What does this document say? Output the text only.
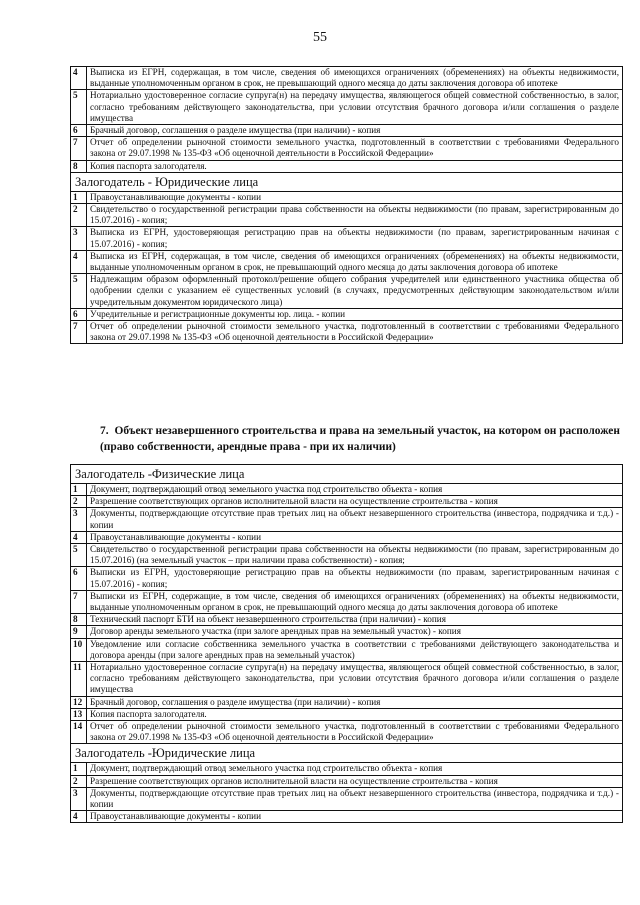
55
4	Выписка из ЕГРН, содержащая, в том числе, сведения об имеющихся ограничениях (обременениях) на объекты недвижимости, выданные уполномоченным органом в срок, не превышающий одного месяца до даты заключения договора об ипотеке
5	Нотариально удостоверенное согласие супруга(н) на передачу имущества, являющегося общей совместной собственностью, в залог, согласно требованиям действующего законодательства, при условии отсутствия брачного договора и/или соглашения о разделе имущества
6	Брачный договор, соглашения о разделе имущества (при наличии) - копия
7	Отчет об определении рыночной стоимости земельного участка, подготовленный в соответствии с требованиями Федерального закона от 29.07.1998 № 135-ФЗ «Об оценочной деятельности в Российской Федерации»
8	Копия паспорта залогодателя.
Залогодатель - Юридические лица	
1	Правоустанавливающие документы - копии
2	Свидетельство о государственной регистрации права собственности на объекты недвижимости (по правам, зарегистрированным до 15.07.2016) - копия;
3	Выписка из ЕГРН, удостоверяющая регистрацию прав на объекты недвижимости (по правам, зарегистрированным начиная с 15.07.2016) - копия;
4	Выписка из ЕГРН, содержащая, в том числе, сведения об имеющихся ограничениях (обременениях) на объекты недвижимости, выданные уполномоченным органом в срок, не превышающий одного месяца до даты заключения договора об ипотеке
5	Надлежащим образом оформленный протокол/решение общего собрания учредителей или единственного участника общества об одобрении сделки с указанием её существенных условий (в случаях, предусмотренных действующим законодательством и/или учредительным документом юридического лица)
6	Учредительные и регистрационные документы юр. лица. - копии
7	Отчет об определении рыночной стоимости земельного участка, подготовленный в соответствии с требованиями Федерального закона от 29.07.1998 № 135-ФЗ «Об оценочной деятельности в Российской Федерации»
7. Объект незавершенного строительства и права на земельный участок, на котором он расположен (право собственности, арендные права - при их наличии)
Залогодатель -Физические лица	
1	Документ, подтверждающий отвод земельного участка под строительство объекта - копия
2	Разрешение соответствующих органов исполнительной власти на осуществление строительства - копия
3	Документы, подтверждающие отсутствие прав третьих лиц на объект незавершенного строительства (инвестора, подрядчика и т.д.) - копии
4	Правоустанавливающие документы - копии
5	Свидетельство о государственной регистрации права собственности на объекты недвижимости (по правам, зарегистрированным до 15.07.2016) (на земельный участок – при наличии права собственности) - копия;
6	Выписки из ЕГРН, удостоверяющие регистрацию прав на объекты недвижимости (по правам, зарегистрированным начиная с 15.07.2016) - копия;
7	Выписки из ЕГРН, содержащие, в том числе, сведения об имеющихся ограничениях (обременениях) на объекты недвижимости, выданные уполномоченным органом в срок, не превышающий одного месяца до даты заключения договора об ипотеке
8	Технический паспорт БТИ на объект незавершенного строительства (при наличии) - копия
9	Договор аренды земельного участка (при залоге арендных прав на земельный участок) - копия
10	Уведомление или согласие собственника земельного участка в соответствии с требованиями действующего законодательства и договора аренды (при залоге арендных прав на земельный участок)
11	Нотариально удостоверенное согласие супруга(н) на передачу имущества, являющегося общей совместной собственностью, в залог, согласно требованиям действующего законодательства, при условии отсутствия брачного договора и/или соглашения о разделе имущества
12	Брачный договор, соглашения о разделе имущества (при наличии) - копия
13	Копия паспорта залогодателя.
14	Отчет об определении рыночной стоимости земельного участка, подготовленный в соответствии с требованиями Федерального закона от 29.07.1998 № 135-ФЗ «Об оценочной деятельности в Российской Федерации»
Залогодатель -Юридические лица	
1	Документ, подтверждающий отвод земельного участка под строительство объекта - копия
2	Разрешение соответствующих органов исполнительной власти на осуществление строительства - копия
3	Документы, подтверждающие отсутствие прав третьих лиц на объект незавершенного строительства (инвестора, подрядчика и т.д.) - копии
4	Правоустанавливающие документы - копии
